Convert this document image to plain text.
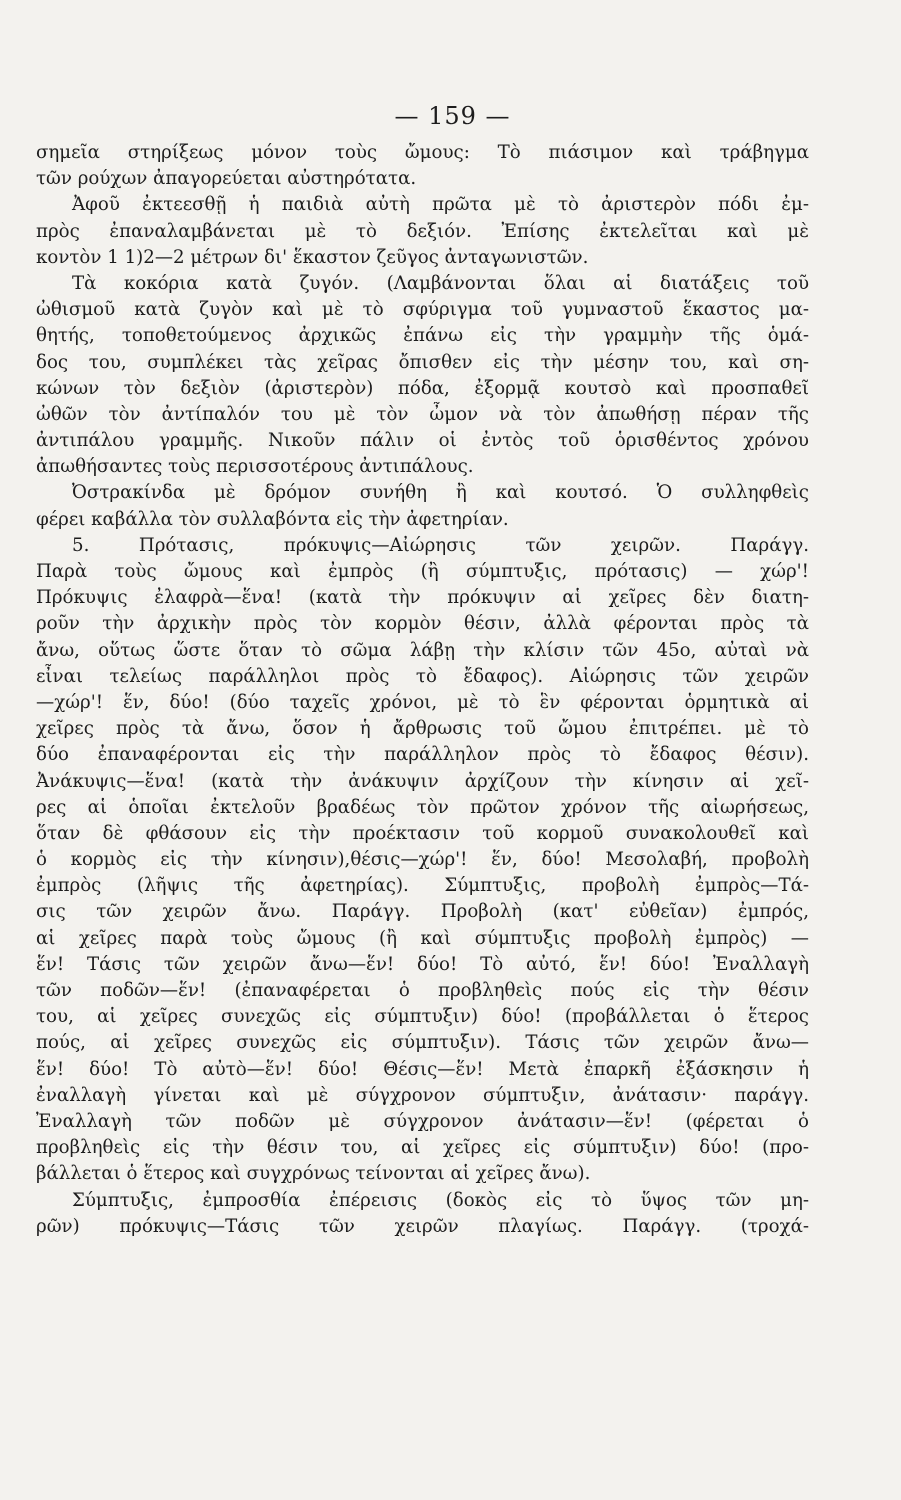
— 159 —
σημεῖα στηρίξεως μόνον τοὺς ὤμους: Τὸ πιάσιμον καὶ τράβηγμα
τῶν ρούχων ἀπαγορεύεται αὐστηρότατα.
Ἀφοῦ ἐκτεεσθῇ ἡ παιδιὰ αὐτὴ πρῶτα μὲ τὸ ἀριστερὸν πόδι ἐμ-
πρὸς ἐπαναλαμβάνεται μὲ τὸ δεξιόν. Ἐπίσης ἐκτελεῖται καὶ μὲ
κοντὸν 1 1)2—2 μέτρων δι' ἕκαστον ζεῦγος ἀνταγωνιστῶν.
Τὰ κοκόρια κατὰ ζυγόν. (Λαμβάνονται ὅλαι αἱ διατάξεις τοῦ
ὠθισμοῦ κατὰ ζυγὸν καὶ μὲ τὸ σφύριγμα τοῦ γυμναστοῦ ἕκαστος μα-
θητής, τοποθετούμενος ἀρχικῶς ἐπάνω εἰς τὴν γραμμὴν τῆς ὁμά-
δος του, συμπλέκει τὰς χεῖρας ὄπισθεν εἰς τὴν μέσην του, καὶ ση-
κώνων τὸν δεξιὸν (ἀριστερὸν) πόδα, ἐξορμᾷ κουτσὸ καὶ προσπαθεῖ
ὠθῶν τὸν ἀντίπαλόν του μὲ τὸν ὦμον νὰ τὸν ἀπωθήσῃ πέραν τῆς
ἀντιπάλου γραμμῆς. Νικοῦν πάλιν οἱ ἐντὸς τοῦ ὁρισθέντος χρόνου
ἀπωθήσαντες τοὺς περισσοτέρους ἀντιπάλους.
Ὀστρακίνδα μὲ δρόμον συνήθη ἢ καὶ κουτσό. Ὁ συλληφθεὶς
φέρει καβάλλα τὸν συλλαβόντα εἰς τὴν ἀφετηρίαν.
5. Πρότασις, πρόκυψις—Αἰώρησις τῶν χειρῶν. Παράγγ.
Παρὰ τοὺς ὤμους καὶ ἐμπρὸς (ἢ σύμπτυξις, πρότασις) — χώρ'!
Πρόκυψις ἐλαφρὰ—ἕνα! (κατὰ τὴν πρόκυψιν αἱ χεῖρες δὲν διατη-
ροῦν τὴν ἀρχικὴν πρὸς τὸν κορμὸν θέσιν, ἀλλὰ φέρονται πρὸς τὰ
ἄνω, οὕτως ὥστε ὅταν τὸ σῶμα λάβῃ τὴν κλίσιν τῶν 45ο, αὐταὶ νὰ
εἶναι τελείως παράλληλοι πρὸς τὸ ἔδαφος). Αἰώρησις τῶν χειρῶν
—χώρ'! ἕν, δύο! (δύο ταχεῖς χρόνοι, μὲ τὸ ἓν φέρονται ὁρμητικὰ αἱ
χεῖρες πρὸς τὰ ἄνω, ὅσον ἡ ἄρθρωσις τοῦ ὤμου ἐπιτρέπει. μὲ τὸ
δύο ἐπαναφέρονται εἰς τὴν παράλληλον πρὸς τὸ ἔδαφος θέσιν).
Ἀνάκυψις—ἕνα! (κατὰ τὴν ἀνάκυψιν ἀρχίζουν τὴν κίνησιν αἱ χεῖ-
ρες αἱ ὁποῖαι ἐκτελοῦν βραδέως τὸν πρῶτον χρόνον τῆς αἰωρήσεως,
ὅταν δὲ φθάσουν εἰς τὴν προέκτασιν τοῦ κορμοῦ συνακολουθεῖ καὶ
ὁ κορμὸς εἰς τὴν κίνησιν),θέσις—χώρ'! ἕν, δύο! Μεσολαβή, προβολὴ
ἐμπρὸς (λῆψις τῆς ἀφετηρίας). Σύμπτυξις, προβολὴ ἐμπρὸς—Τά-
σις τῶν χειρῶν ἄνω. Παράγγ. Προβολὴ (κατ' εὐθεῖαν) ἐμπρός,
αἱ χεῖρες παρὰ τοὺς ὤμους (ἢ καὶ σύμπτυξις προβολὴ ἐμπρὸς) —
ἕν! Τάσις τῶν χειρῶν ἄνω—ἕν! δύο! Τὸ αὐτό, ἕν! δύο! Ἐναλλαγὴ
τῶν ποδῶν—ἕν! (ἐπαναφέρεται ὁ προβληθεὶς πούς εἰς τὴν θέσιν
του, αἱ χεῖρες συνεχῶς εἰς σύμπτυξιν) δύο! (προβάλλεται ὁ ἕτερος
πούς, αἱ χεῖρες συνεχῶς εἰς σύμπτυξιν). Τάσις τῶν χειρῶν ἄνω—
ἕν! δύο! Τὸ αὐτὸ—ἕν! δύο! Θέσις—ἕν! Μετὰ ἐπαρκῆ ἐξάσκησιν ἡ
ἐναλλαγὴ γίνεται καὶ μὲ σύγχρονον σύμπτυξιν, ἀνάτασιν· παράγγ.
Ἐναλλαγὴ τῶν ποδῶν μὲ σύγχρονον ἀνάτασιν—ἕν! (φέρεται ὁ
προβληθεὶς εἰς τὴν θέσιν του, αἱ χεῖρες εἰς σύμπτυξιν) δύο! (προ-
βάλλεται ὁ ἕτερος καὶ συγχρόνως τείνονται αἱ χεῖρες ἄνω).
Σύμπτυξις, ἐμπροσθία ἐπέρεισις (δοκὸς εἰς τὸ ὕψος τῶν μη-
ρῶν) πρόκυψις—Τάσις τῶν χειρῶν πλαγίως. Παράγγ. (τροχά-
